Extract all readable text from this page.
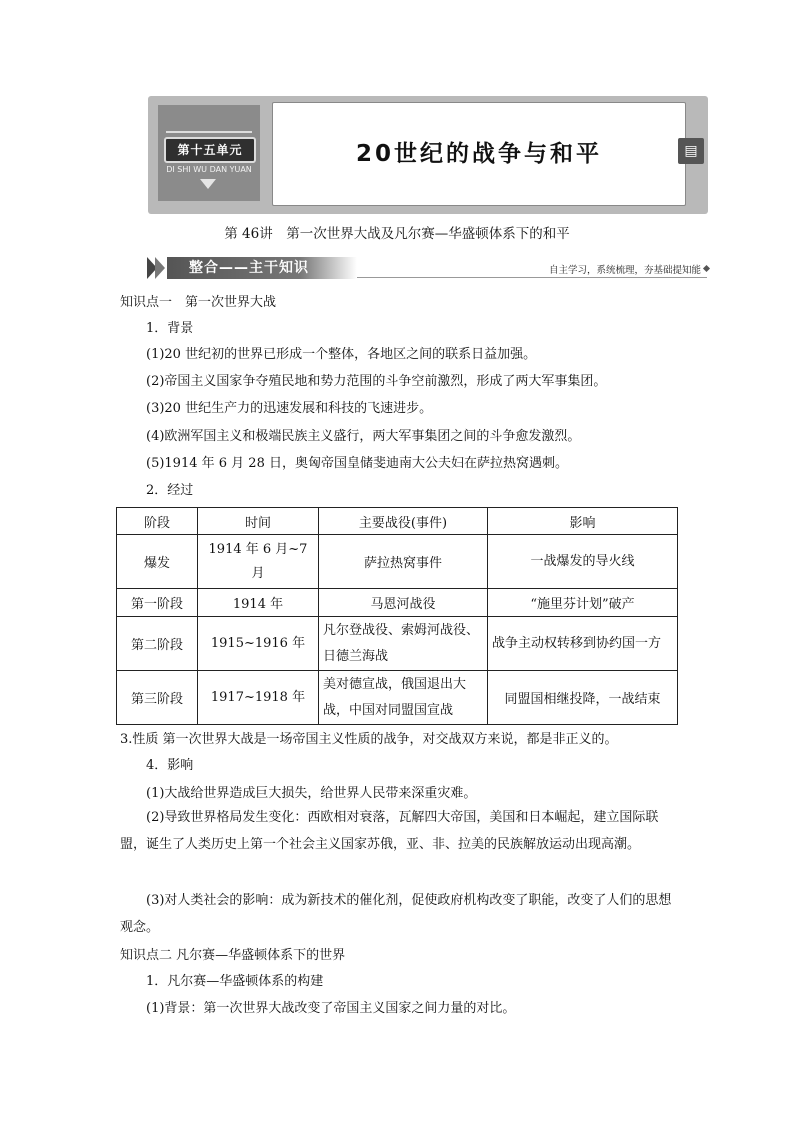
第十五单元
DI SHI WU DAN YUAN
20世纪的战争与和平	▤
第 46讲　第一次世界大战及凡尔赛—华盛顿体系下的和平
整合——主干知识	自主学习，系统梳理，夯基础提知能
知识点一　第一次世界大战
1．背景
(1)20 世纪初的世界已形成一个整体，各地区之间的联系日益加强。
(2)帝国主义国家争夺殖民地和势力范围的斗争空前激烈，形成了两大军事集团。
(3)20 世纪生产力的迅速发展和科技的飞速进步。
(4)欧洲军国主义和极端民族主义盛行，两大军事集团之间的斗争愈发激烈。
(5)1914 年 6 月 28 日，奥匈帝国皇储斐迪南大公夫妇在萨拉热窝遇刺。
2．经过
阶段	时间	主要战役(事件)	影响
爆发	1914 年 6 月~7 月	萨拉热窝事件	一战爆发的导火线
第一阶段	1914 年	马恩河战役	“施里芬计划”破产
第二阶段	1915~1916 年	凡尔登战役、索姆河战役、日德兰海战	战争主动权转移到协约国一方
第三阶段	1917~1918 年	美对德宣战，俄国退出大战，中国对同盟国宣战	同盟国相继投降，一战结束
3.性质 第一次世界大战是一场帝国主义性质的战争，对交战双方来说，都是非正义的。
4．影响
(1)大战给世界造成巨大损失，给世界人民带来深重灾难。
(2)导致世界格局发生变化：西欧相对衰落，瓦解四大帝国，美国和日本崛起，建立国际联盟，诞生了人类历史上第一个社会主义国家苏俄，亚、非、拉美的民族解放运动出现高潮。
(3)对人类社会的影响：成为新技术的催化剂，促使政府机构改变了职能，改变了人们的思想观念。
知识点二 凡尔赛—华盛顿体系下的世界
1．凡尔赛—华盛顿体系的构建
(1)背景：第一次世界大战改变了帝国主义国家之间力量的对比。
